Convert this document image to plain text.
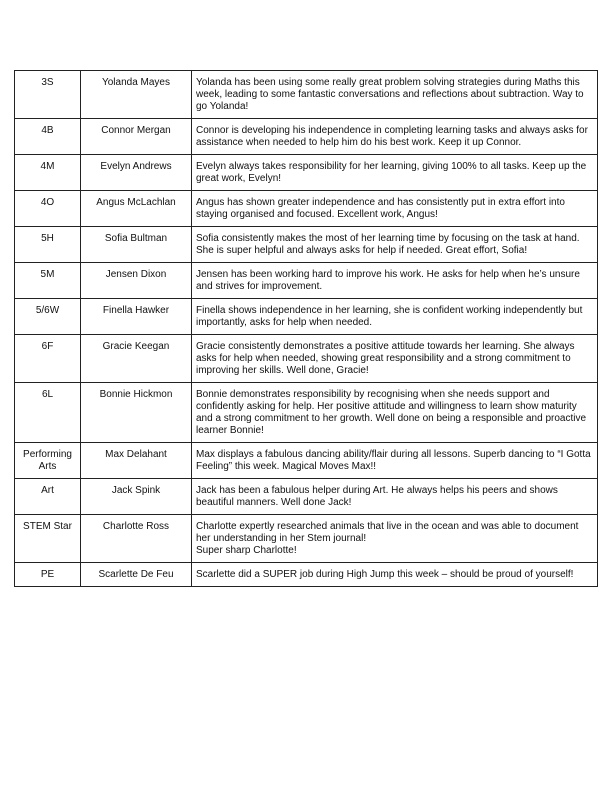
3S	Yolanda Mayes	Yolanda has been using some really great problem solving strategies during Maths this week, leading to some fantastic conversations and reflections about subtraction. Way to go Yolanda!

4B	Connor Mergan	Connor is developing his independence in completing learning tasks and always asks for assistance when needed to help him do his best work. Keep it up Connor.

4M	Evelyn Andrews	Evelyn always takes responsibility for her learning, giving 100% to all tasks. Keep up the great work, Evelyn!

4O	Angus McLachlan	Angus has shown greater independence and has consistently put in extra effort into staying organised and focused. Excellent work, Angus!

5H	Sofia Bultman	Sofia consistently makes the most of her learning time by focusing on the task at hand. She is super helpful and always asks for help if needed. Great effort, Sofia!

5M	Jensen Dixon	Jensen has been working hard to improve his work. He asks for help when he’s unsure and strives for improvement.

5/6W	Finella Hawker	Finella shows independence in her learning, she is confident working independently but importantly, asks for help when needed.

6F	Gracie Keegan	Gracie consistently demonstrates a positive attitude towards her learning. She always asks for help when needed, showing great responsibility and a strong commitment to improving her skills. Well done, Gracie!

6L	Bonnie Hickmon	Bonnie demonstrates responsibility by recognising when she needs support and confidently asking for help. Her positive attitude and willingness to learn show maturity and a strong commitment to her growth. Well done on being a responsible and proactive learner Bonnie!

Performing Arts	Max Delahant	Max displays a fabulous dancing ability/flair during all lessons. Superb dancing to “I Gotta Feeling” this week. Magical Moves Max!!

Art	Jack Spink	Jack has been a fabulous helper during Art. He always helps his peers and shows beautiful manners. Well done Jack!

STEM Star	Charlotte Ross	Charlotte expertly researched animals that live in the ocean and was able to document her understanding in her Stem journal!
Super sharp Charlotte!

PE	Scarlette De Feu	Scarlette did a SUPER job during High Jump this week – should be proud of yourself!
